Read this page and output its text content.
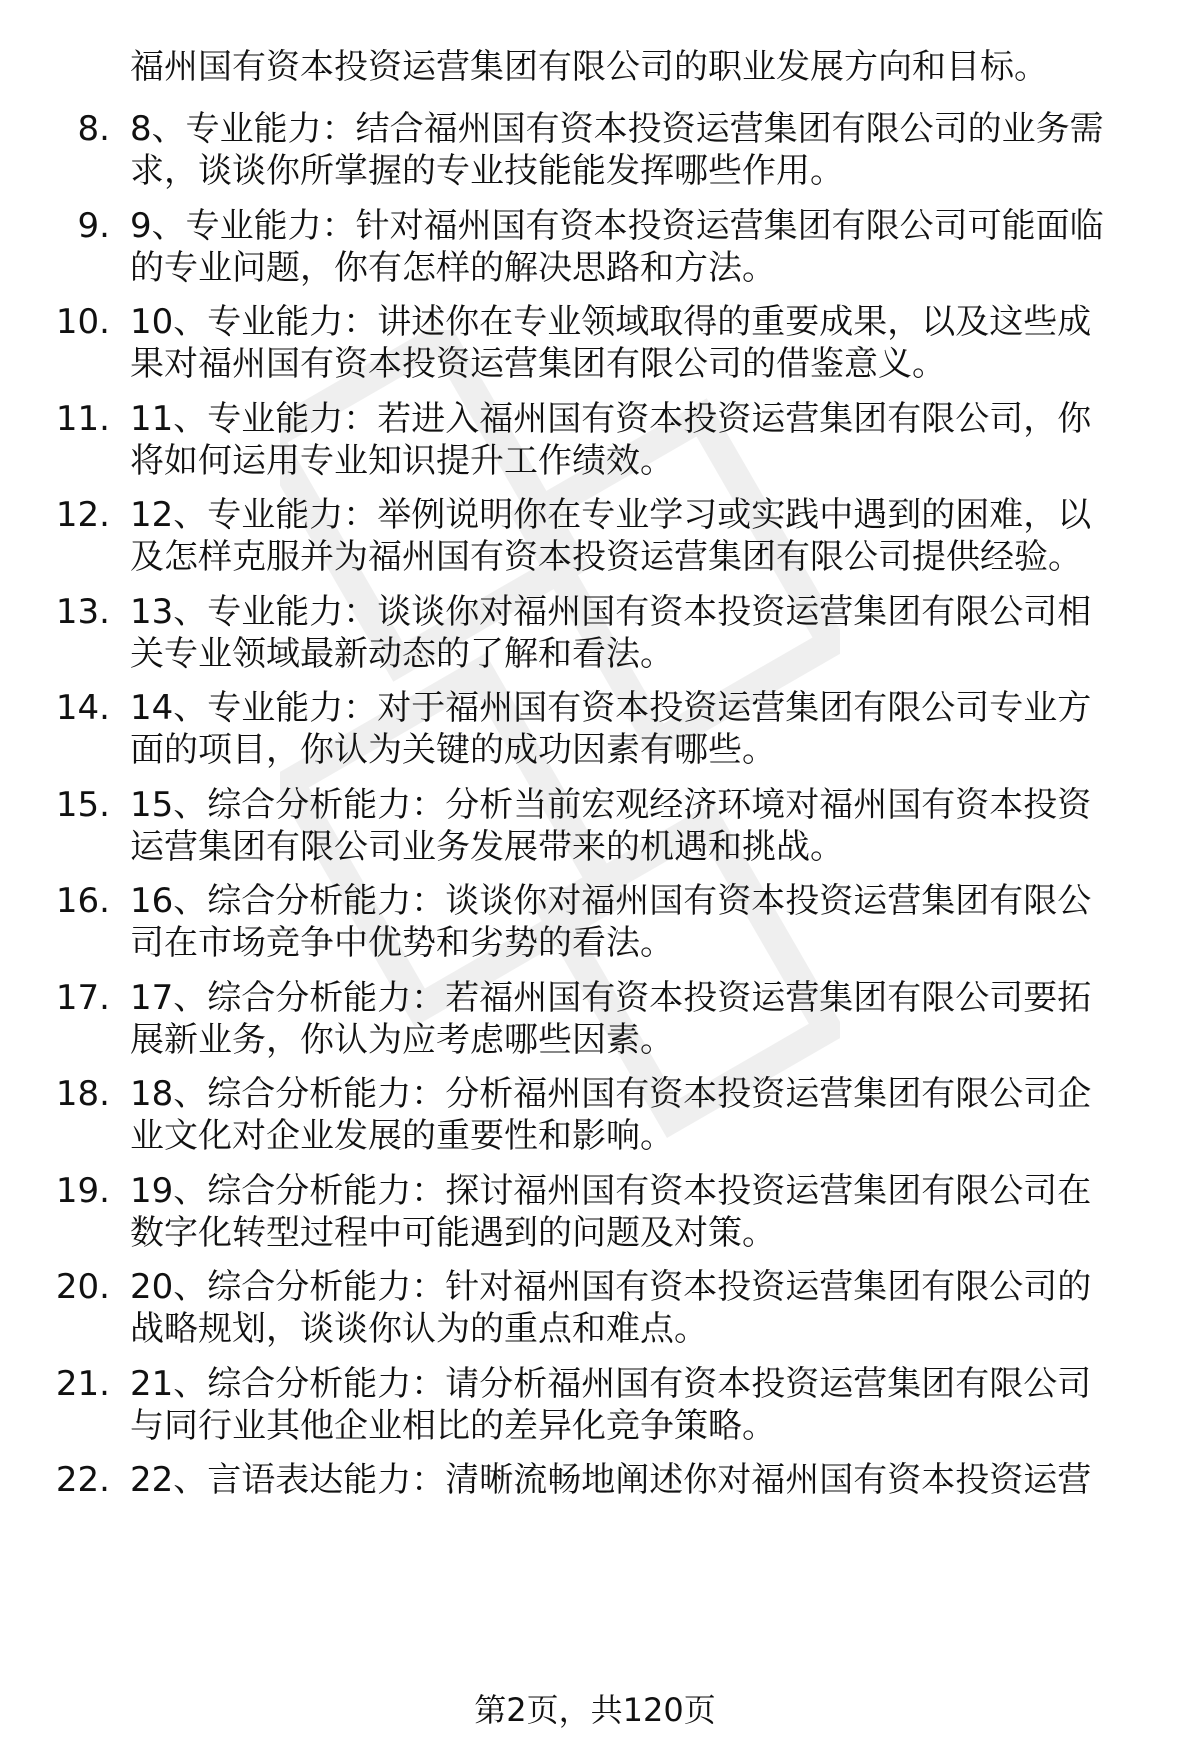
福州国有资本投资运营集团有限公司的职业发展方向和目标。
8. 8、专业能力：结合福州国有资本投资运营集团有限公司的业务需
求，谈谈你所掌握的专业技能能发挥哪些作用。
9. 9、专业能力：针对福州国有资本投资运营集团有限公司可能面临
的专业问题，你有怎样的解决思路和方法。
10. 10、专业能力：讲述你在专业领域取得的重要成果，以及这些成
果对福州国有资本投资运营集团有限公司的借鉴意义。
11. 11、专业能力：若进入福州国有资本投资运营集团有限公司，你
将如何运用专业知识提升工作绩效。
12. 12、专业能力：举例说明你在专业学习或实践中遇到的困难，以
及怎样克服并为福州国有资本投资运营集团有限公司提供经验。
13. 13、专业能力：谈谈你对福州国有资本投资运营集团有限公司相
关专业领域最新动态的了解和看法。
14. 14、专业能力：对于福州国有资本投资运营集团有限公司专业方
面的项目，你认为关键的成功因素有哪些。
15. 15、综合分析能力：分析当前宏观经济环境对福州国有资本投资
运营集团有限公司业务发展带来的机遇和挑战。
16. 16、综合分析能力：谈谈你对福州国有资本投资运营集团有限公
司在市场竞争中优势和劣势的看法。
17. 17、综合分析能力：若福州国有资本投资运营集团有限公司要拓
展新业务，你认为应考虑哪些因素。
18. 18、综合分析能力：分析福州国有资本投资运营集团有限公司企
业文化对企业发展的重要性和影响。
19. 19、综合分析能力：探讨福州国有资本投资运营集团有限公司在
数字化转型过程中可能遇到的问题及对策。
20. 20、综合分析能力：针对福州国有资本投资运营集团有限公司的
战略规划，谈谈你认为的重点和难点。
21. 21、综合分析能力：请分析福州国有资本投资运营集团有限公司
与同行业其他企业相比的差异化竞争策略。
22. 22、言语表达能力：清晰流畅地阐述你对福州国有资本投资运营
第2页，共120页
